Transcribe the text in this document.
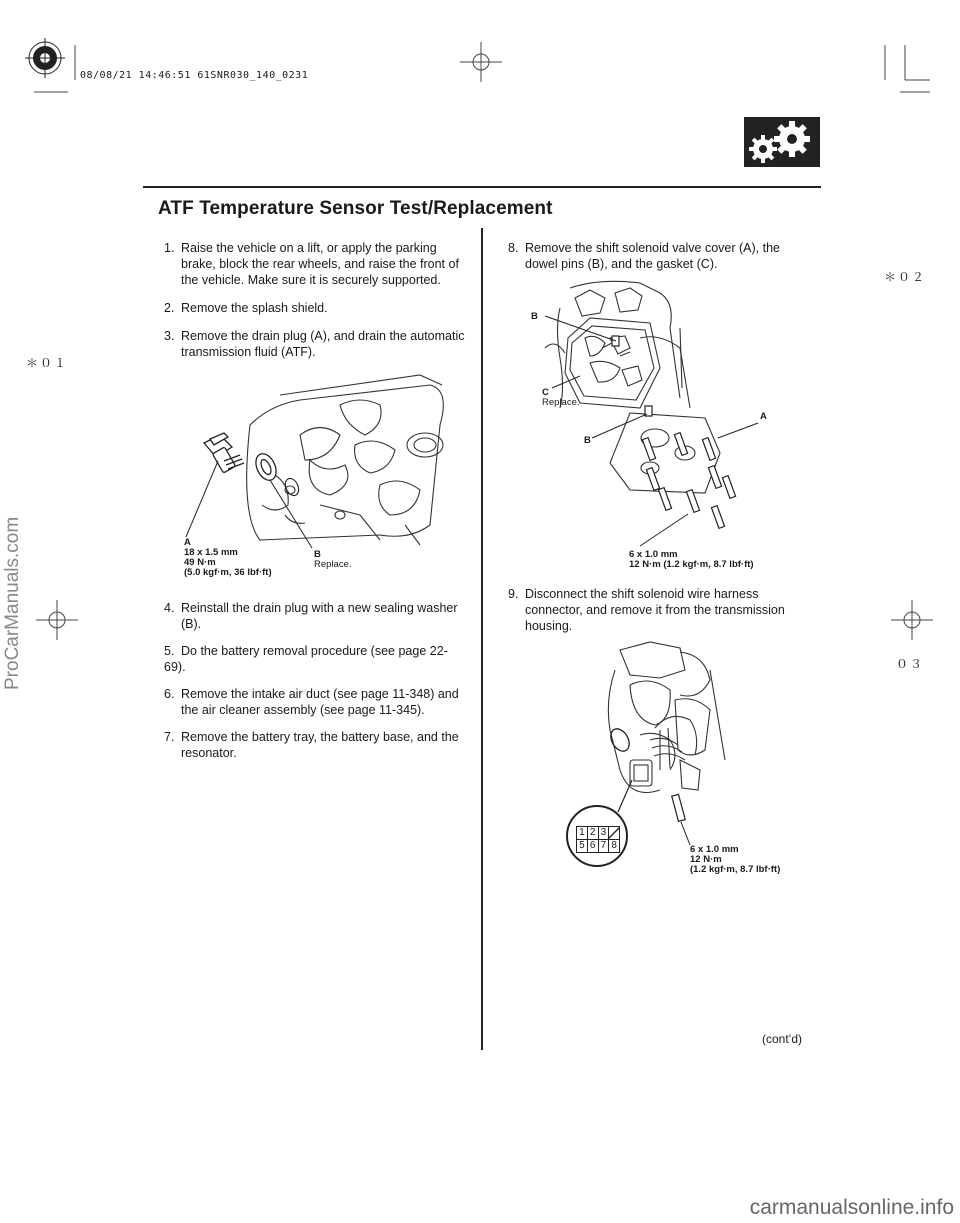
08/08/21 14:46:51 61SNR030_140_0231
ATF Temperature Sensor Test/Replacement
＊０２
＊０１
０３

1. Raise the vehicle on a lift, or apply the parking
brake, block the rear wheels, and raise the front of
the vehicle. Make sure it is securely supported.

2. Remove the splash shield.

3. Remove the drain plug (A), and drain the automatic
transmission fluid (ATF).

A
18 x 1.5 mm
49 N·m
(5.0 kgf·m, 36 lbf·ft)
B
Replace.

4. Reinstall the drain plug with a new sealing washer
(B).

5. Do the battery removal procedure (see page 22-69).

6. Remove the intake air duct (see page 11-348) and
the air cleaner assembly (see page 11-345).

7. Remove the battery tray, the battery base, and the
resonator.

8. Remove the shift solenoid valve cover (A), the
dowel pins (B), and the gasket (C).

B
C
Replace.
A
B
6 x 1.0 mm
12 N·m (1.2 kgf·m, 8.7 lbf·ft)

9. Disconnect the shift solenoid wire harness
connector, and remove it from the transmission
housing.

1 2 3
5 6 7 8	6 x 1.0 mm
12 N·m
(1.2 kgf·m, 8.7 lbf·ft)
(cont’d)
ProCarManuals.com
carmanualsonline.info
